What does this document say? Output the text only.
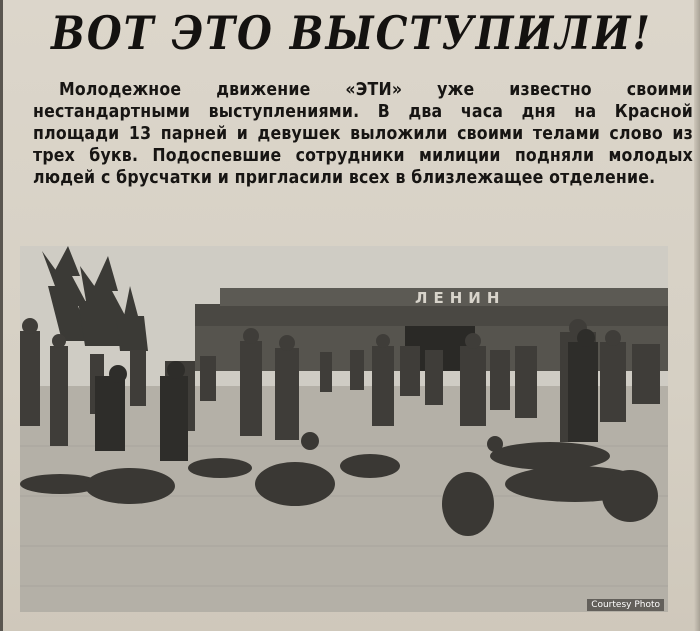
ВОТ ЭТО ВЫСТУПИЛИ!
Молодежное движение «ЭТИ» уже известно своими нестандартными выступлениями. В два часа дня на Красной площади 13 парней и девушек выложили своими телами слово из трех букв. Подоспевшие сотрудники милиции подняли молодых людей с брусчатки и пригласили всех в близлежащее отделение.
ЛЕНИН
Courtesy Photo
